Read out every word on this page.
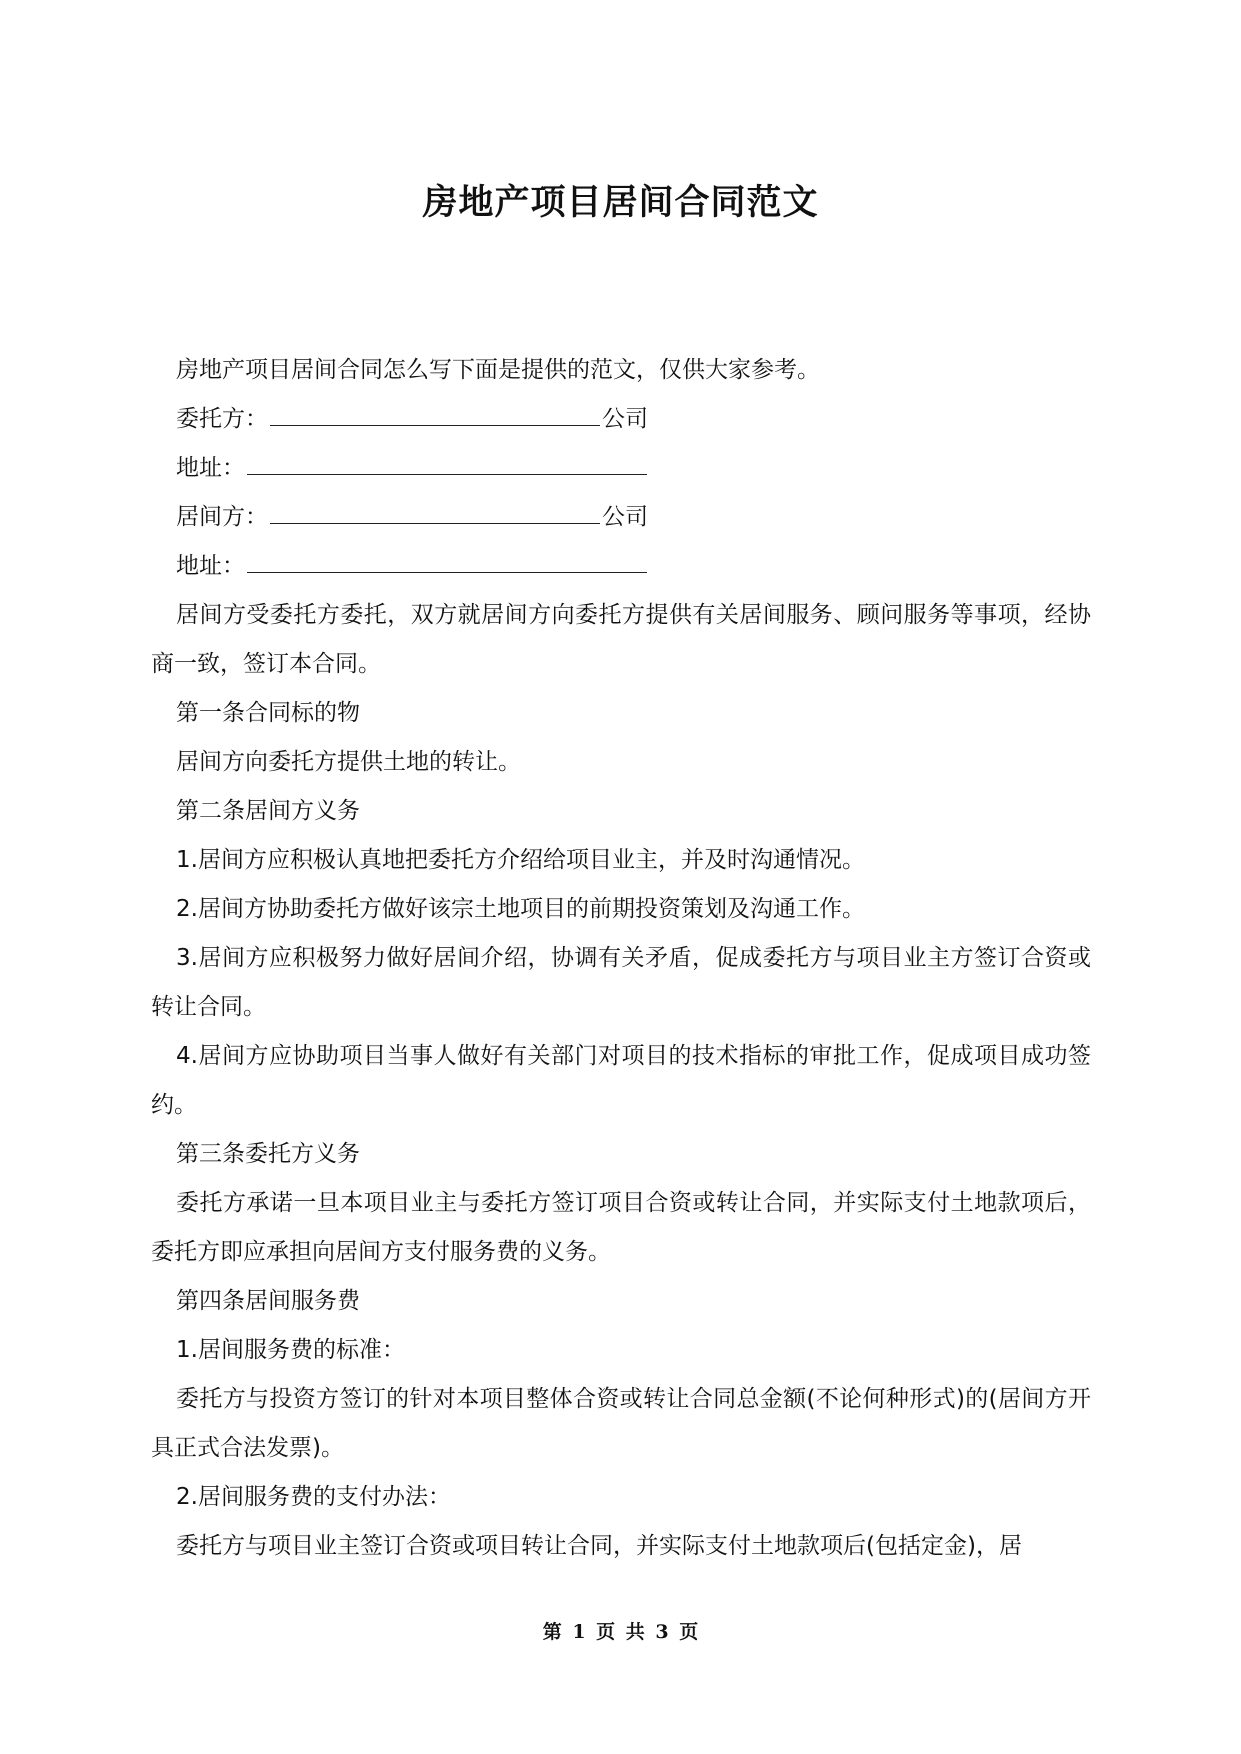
房地产项目居间合同范文

房地产项目居间合同怎么写下面是提供的范文，仅供大家参考。

委托方：	公司

地址：

居间方：	公司

地址：

居间方受委托方委托，双方就居间方向委托方提供有关居间服务、顾问服务等事项，经协商一致，签订本合同。

第一条合同标的物

居间方向委托方提供土地的转让。

第二条居间方义务

1.居间方应积极认真地把委托方介绍给项目业主，并及时沟通情况。

2.居间方协助委托方做好该宗土地项目的前期投资策划及沟通工作。

3.居间方应积极努力做好居间介绍，协调有关矛盾，促成委托方与项目业主方签订合资或转让合同。

4.居间方应协助项目当事人做好有关部门对项目的技术指标的审批工作，促成项目成功签约。

第三条委托方义务

委托方承诺一旦本项目业主与委托方签订项目合资或转让合同，并实际支付土地款项后，委托方即应承担向居间方支付服务费的义务。

第四条居间服务费

1.居间服务费的标准：

委托方与投资方签订的针对本项目整体合资或转让合同总金额(不论何种形式)的(居间方开具正式合法发票)。

2.居间服务费的支付办法：

委托方与项目业主签订合资或项目转让合同，并实际支付土地款项后(包括定金)，居

第 1 页 共 3 页
